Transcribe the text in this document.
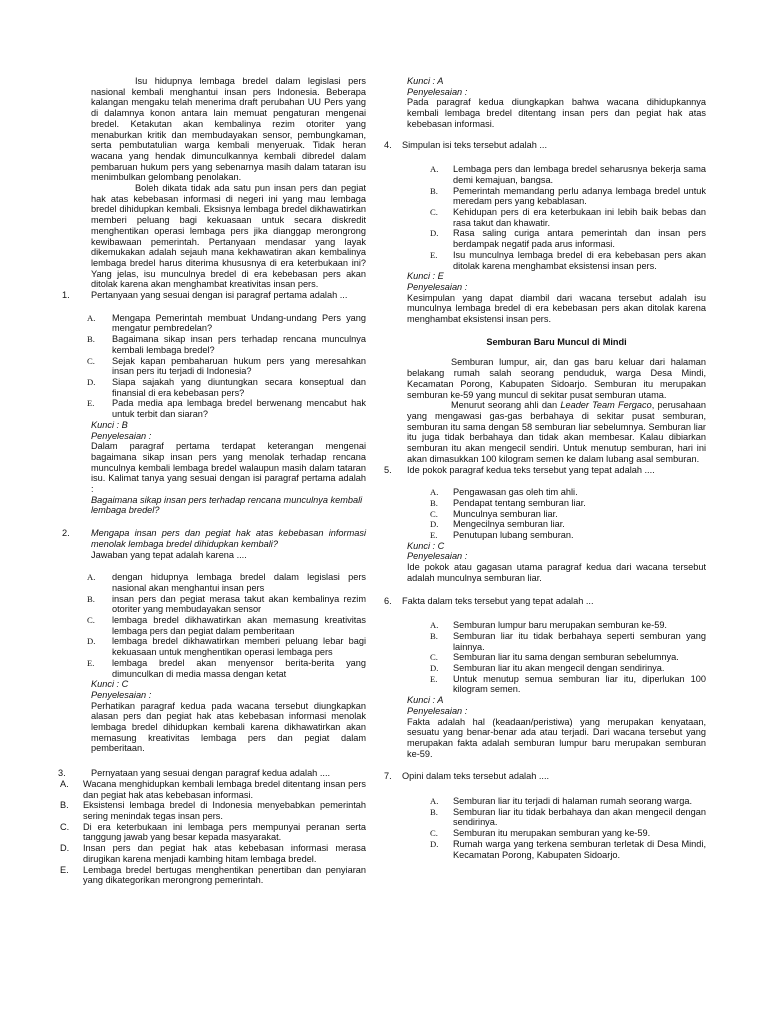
Isu hidupnya lembaga bredel dalam legislasi pers nasional kembali menghantui insan pers Indonesia. Beberapa kalangan mengaku telah menerima draft perubahan UU Pers yang di dalamnya konon antara lain memuat pengaturan mengenai bredel. Ketakutan akan kembalinya rezim otoriter yang menaburkan kritik dan membudayakan sensor, pembungkaman, serta pembutatulian warga kembali menyeruak. Tidak heran wacana yang hendak dimunculkannya kembali dibredel dalam pembaruan hukum pers yang sebenarnya masih dalam tataran isu menimbulkan gelombang penolakan.

Boleh dikata tidak ada satu pun insan pers dan pegiat hak atas kebebasan informasi di negeri ini yang mau lembaga bredel dihidupkan kembali. Eksisnya lembaga bredel dikhawatirkan memberi peluang bagi kekuasaan untuk secara diskredit menghentikan operasi lembaga pers jika dianggap merongrong kewibawaan pemerintah. Pertanyaan mendasar yang layak dikemukakan adalah sejauh mana kekhawatiran akan kembalinya lembaga bredel harus diterima khususnya di era keterbukaan ini? Yang jelas, isu munculnya bredel di era kebebasan pers akan ditolak karena akan menghambat kreativitas insan pers.

1. Pertanyaan yang sesuai dengan isi paragraf pertama adalah ...

A. Mengapa Pemerintah membuat Undang-undang Pers yang mengatur pembredelan?
B. Bagaimana sikap insan pers terhadap rencana munculnya kembali lembaga bredel?
C. Sejak kapan pembaharuan hukum pers yang meresahkan insan pers itu terjadi di Indonesia?
D. Siapa sajakah yang diuntungkan secara konseptual dan finansial di era kebebasan pers?
E. Pada media apa lembaga bredel berwenang mencabut hak untuk terbit dan siaran?

Kunci : B

Penyelesaian :

Dalam paragraf pertama terdapat keterangan mengenai bagaimana sikap insan pers yang menolak terhadap rencana munculnya kembali lembaga bredel walaupun masih dalam tataran isu. Kalimat tanya yang sesuai dengan isi paragraf pertama adalah :

Bagaimana sikap insan pers terhadap rencana munculnya kembali lembaga bredel?

2. Mengapa insan pers dan pegiat hak atas kebebasan informasi menolak lembaga bredel dihidupkan kembali?

Jawaban yang tepat adalah karena ....

A. dengan hidupnya lembaga bredel dalam legislasi pers nasional akan menghantui insan pers
B. insan pers dan pegiat merasa takut akan kembalinya rezim otoriter yang membudayakan sensor
C. lembaga bredel dikhawatirkan akan memasung kreativitas lembaga pers dan pegiat dalam pemberitaan
D. lembaga bredel dikhawatirkan memberi peluang lebar bagi kekuasaan untuk menghentikan operasi lembaga pers
E. lembaga bredel akan menyensor berita-berita yang dimunculkan di media massa dengan ketat

Kunci : C

Penyelesaian :

Perhatikan paragraf kedua pada wacana tersebut diungkapkan alasan pers dan pegiat hak atas kebebasan informasi menolak lembaga bredel dihidupkan kembali karena dikhawatirkan akan memasung kreativitas lembaga pers dan pegiat dalam pemberitaan.

3.	Pernyataan yang sesuai dengan paragraf kedua adalah ....

A. Wacana menghidupkan kembali lembaga bredel ditentang insan pers dan pegiat hak atas kebebasan informasi.
B. Eksistensi lembaga bredel di Indonesia menyebabkan pemerintah sering menindak tegas insan pers.
C. Di era keterbukaan ini lembaga pers mempunyai peranan serta tanggung jawab yang besar kepada masyarakat.
D. Insan pers dan pegiat hak atas kebebasan informasi merasa dirugikan karena menjadi kambing hitam lembaga bredel.
E. Lembaga bredel bertugas menghentikan penertiban dan penyiaran yang dikategorikan merongrong pemerintah.

Kunci : A

Penyelesaian :

Pada paragraf kedua diungkapkan bahwa wacana dihidupkannya kembali lembaga bredel ditentang insan pers dan pegiat hak atas kebebasan informasi.

4. Simpulan isi teks tersebut adalah ...

A. Lembaga pers dan lembaga bredel seharusnya bekerja sama demi kemajuan, bangsa.
B. Pemerintah memandang perlu adanya lembaga bredel untuk meredam pers yang kebablasan.
C. Kehidupan pers di era keterbukaan ini lebih baik bebas dan rasa takut dan khawatir.
D. Rasa saling curiga antara pemerintah dan insan pers berdampak negatif pada arus informasi.
E. Isu munculnya lembaga bredel di era kebebasan pers akan ditolak karena menghambat eksistensi insan pers.

Kunci : E

Penyelesaian :

Kesimpulan yang dapat diambil dari wacana tersebut adalah isu munculnya lembaga bredel di era kebebasan pers akan ditolak karena menghambat eksistensi insan pers.

Semburan Baru Muncul di Mindi

Semburan lumpur, air, dan gas baru keluar dari halaman belakang rumah salah seorang penduduk, warga Desa Mindi, Kecamatan Porong, Kabupaten Sidoarjo. Semburan itu merupakan semburan ke-59 yang muncul di sekitar pusat semburan utama.

Menurut seorang ahli dan Leader Team Fergaco, perusahaan yang mengawasi gas-gas berbahaya di sekitar pusat semburan, semburan itu sama dengan 58 semburan liar sebelumnya. Semburan liar itu juga tidak berbahaya dan tidak akan membesar. Kalau dibiarkan semburan itu akan mengecil sendiri. Untuk menutup semburan, hari ini akan dimasukkan 100 kilogram semen ke dalam lubang asal semburan.

5. Ide pokok paragraf kedua teks tersebut yang tepat adalah ....

A. Pengawasan gas oleh tim ahli.
B. Pendapat tentang semburan liar.
C. Munculnya semburan liar.
D. Mengecilnya semburan liar.
E. Penutupan lubang semburan.

Kunci : C

Penyelesaian :

Ide pokok atau gagasan utama paragraf kedua dari wacana tersebut adalah munculnya semburan liar.

6. Fakta dalam teks tersebut yang tepat adalah ...

A. Semburan lumpur baru merupakan semburan ke-59.
B. Semburan liar itu tidak berbahaya seperti semburan yang lainnya.
C. Semburan liar itu sama dengan semburan sebelumnya.
D. Semburan liar itu akan mengecil dengan sendirinya.
E. Untuk menutup semua semburan liar itu, diperlukan 100 kilogram semen.

Kunci : A

Penyelesaian :

Fakta adalah hal (keadaan/peristiwa) yang merupakan kenyataan, sesuatu yang benar-benar ada atau terjadi. Dari wacana tersebut yang merupakan fakta adalah semburan lumpur baru merupakan semburan ke-59.

7. Opini dalam teks tersebut adalah ....

A. Semburan liar itu terjadi di halaman rumah seorang warga.
B. Semburan liar itu tidak berbahaya dan akan mengecil dengan sendirinya.
C. Semburan itu merupakan semburan yang ke-59.
D. Rumah warga yang terkena semburan terletak di Desa Mindi, Kecamatan Porong, Kabupaten Sidoarjo.
